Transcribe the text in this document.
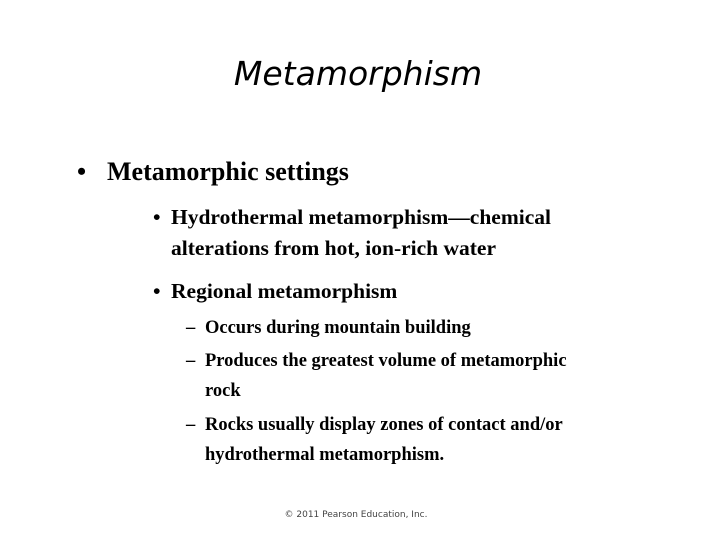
Metamorphism
• Metamorphic settings
• Hydrothermal metamorphism—chemical
alterations from hot, ion-rich water
• Regional metamorphism
– Occurs during mountain building
– Produces the greatest volume of metamorphic
rock
– Rocks usually display zones of contact and/or
hydrothermal metamorphism.
© 2011 Pearson Education, Inc.
